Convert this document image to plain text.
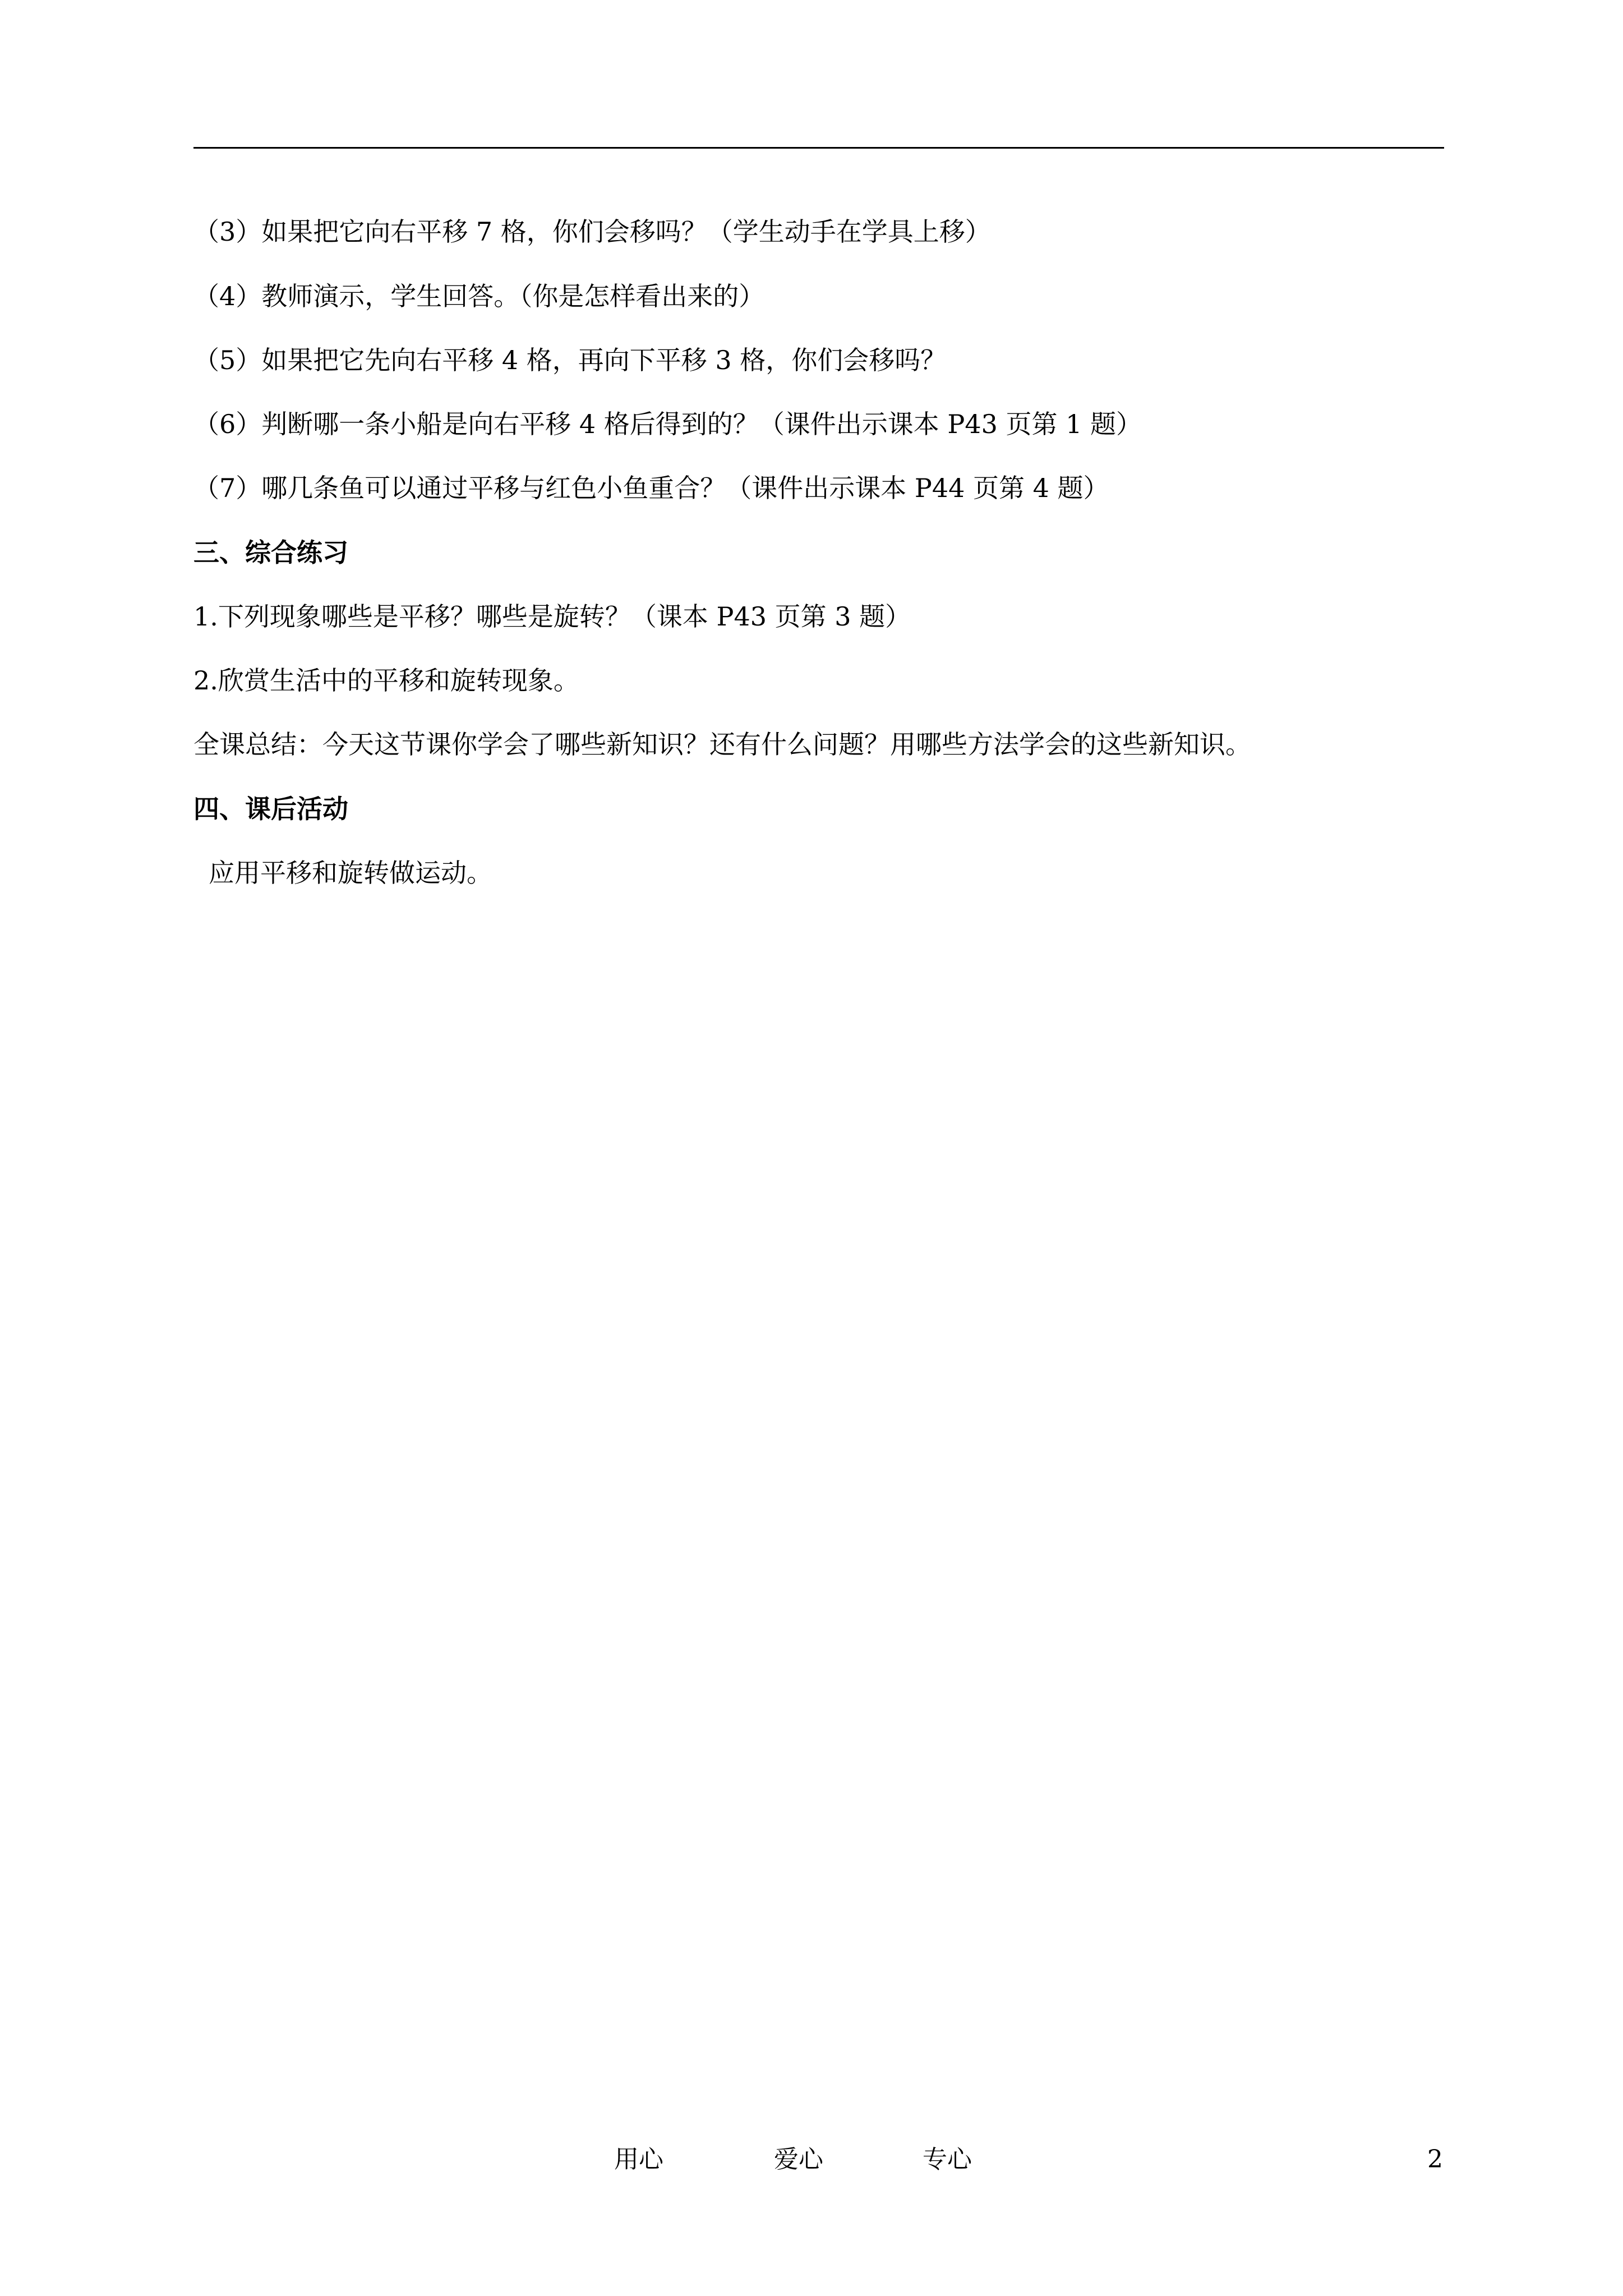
（3）如果把它向右平移 7 格，你们会移吗？（学生动手在学具上移）
（4）教师演示，学生回答。（你是怎样看出来的）
（5）如果把它先向右平移 4 格，再向下平移 3 格，你们会移吗？
（6）判断哪一条小船是向右平移 4 格后得到的？（课件出示课本 P43 页第 1 题）
（7）哪几条鱼可以通过平移与红色小鱼重合？（课件出示课本 P44 页第 4 题）
三、综合练习
1.下列现象哪些是平移？哪些是旋转？（课本 P43 页第 3 题）
2.欣赏生活中的平移和旋转现象。
全课总结：今天这节课你学会了哪些新知识？还有什么问题？用哪些方法学会的这些新知识。
四、课后活动
应用平移和旋转做运动。
用心	爱心	专心	2
